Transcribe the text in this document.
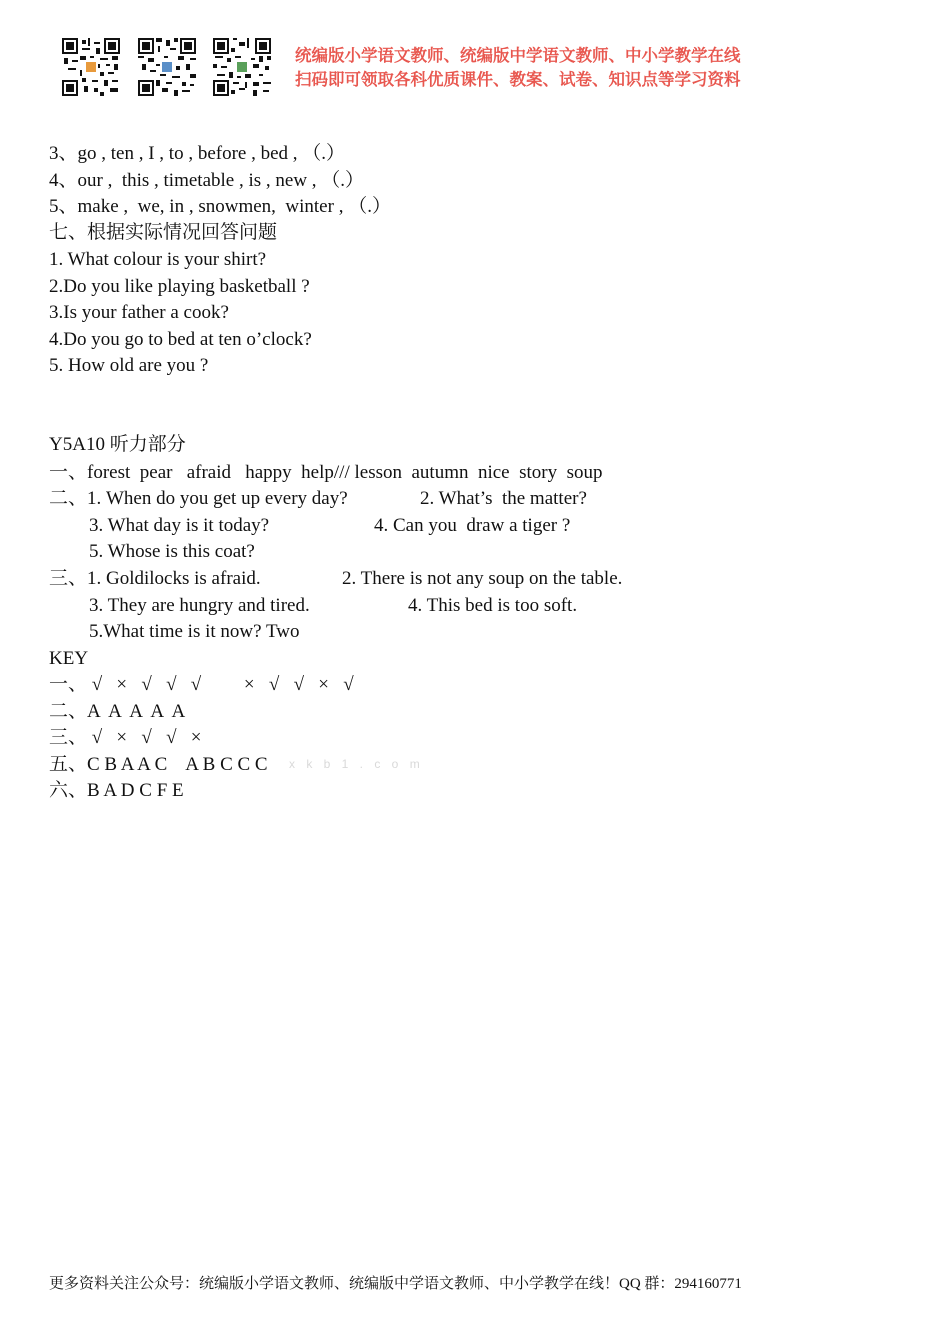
统编版小学语文教师、统编版中学语文教师、中小学教学在线
扫码即可领取各科优质课件、教案、试卷、知识点等学习资料
3、go , ten , I , to , before , bed , （.）
4、our ,  this , timetable , is , new , （.）
5、make ,  we, in , snowmen,  winter , （.）
七、根据实际情况回答问题
1. What colour is your shirt?
2.Do you like playing basketball ?
3.Is your father a cook?
4.Do you go to bed at ten o’clock?
5. How old are you ?
Y5A10 听力部分
一、forest  pear   afraid   happy  help/// lesson  autumn  nice  story  soup
二、1. When do you get up every day?	2. What’s  the matter?
3. What day is it today?	4. Can you  draw a tiger ?
5. Whose is this coat?
三、1. Goldilocks is afraid.	2. There is not any soup on the table.
3. They are hungry and tired.	4. This bed is too soft.
5.What time is it now? Two
KEY
一、 √   ×   √   √   √         ×   √   √   ×   √
二、A  A  A  A  A
三、 √   ×   √   √   ×
五、C B A A C    A B C C C x k b 1 . c o m
六、B A D C F E
更多资料关注公众号：统编版小学语文教师、统编版中学语文教师、中小学教学在线！QQ 群：294160771
